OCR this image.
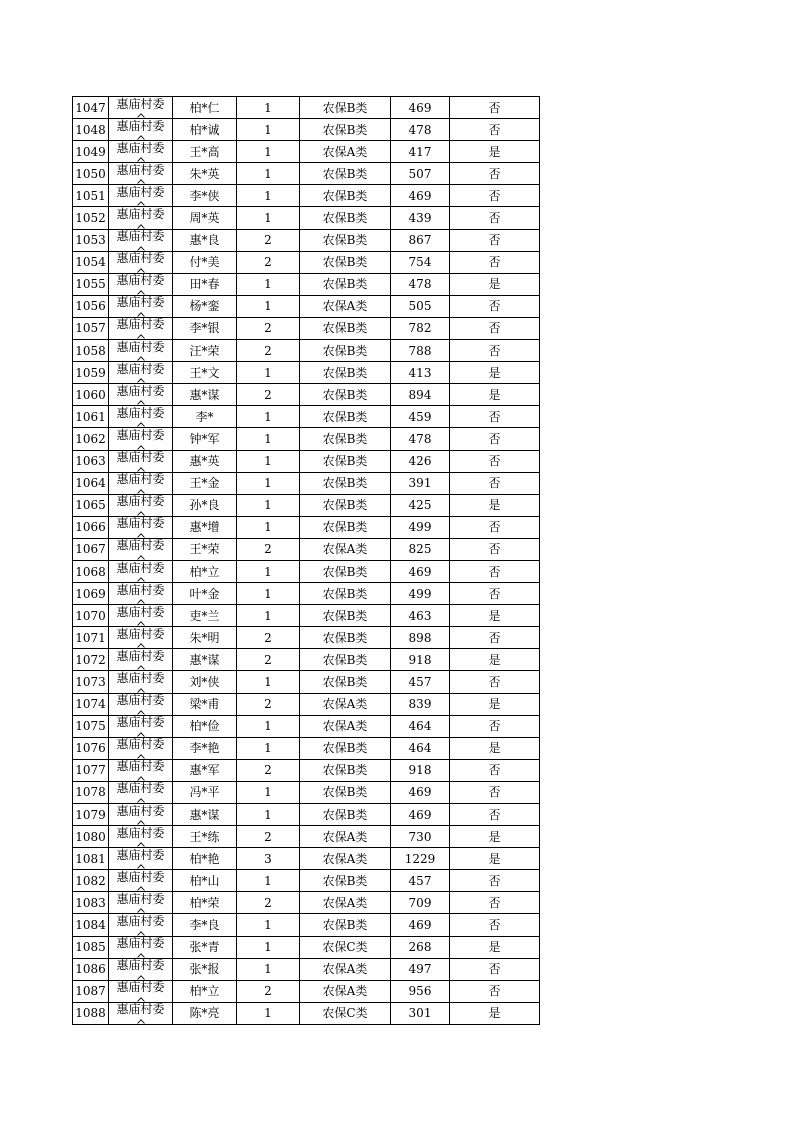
1047	惠庙村委	柏*仁	1	农保B类	469	否
1048	惠庙村委	柏*诚	1	农保B类	478	否
1049	惠庙村委	王*高	1	农保A类	417	是
1050	惠庙村委	朱*英	1	农保B类	507	否
1051	惠庙村委	李*侠	1	农保B类	469	否
1052	惠庙村委	周*英	1	农保B类	439	否
1053	惠庙村委	惠*良	2	农保B类	867	否
1054	惠庙村委	付*美	2	农保B类	754	否
1055	惠庙村委	田*春	1	农保B类	478	是
1056	惠庙村委	杨*銮	1	农保A类	505	否
1057	惠庙村委	李*银	2	农保B类	782	否
1058	惠庙村委	汪*荣	2	农保B类	788	否
1059	惠庙村委	王*文	1	农保B类	413	是
1060	惠庙村委	惠*谋	2	农保B类	894	是
1061	惠庙村委	李*	1	农保B类	459	否
1062	惠庙村委	钟*军	1	农保B类	478	否
1063	惠庙村委	惠*英	1	农保B类	426	否
1064	惠庙村委	王*金	1	农保B类	391	否
1065	惠庙村委	孙*良	1	农保B类	425	是
1066	惠庙村委	惠*增	1	农保B类	499	否
1067	惠庙村委	王*荣	2	农保A类	825	否
1068	惠庙村委	柏*立	1	农保B类	469	否
1069	惠庙村委	叶*金	1	农保B类	499	否
1070	惠庙村委	吏*兰	1	农保B类	463	是
1071	惠庙村委	朱*明	2	农保B类	898	否
1072	惠庙村委	惠*谋	2	农保B类	918	是
1073	惠庙村委	刘*侠	1	农保B类	457	否
1074	惠庙村委	梁*甫	2	农保A类	839	是
1075	惠庙村委	柏*俭	1	农保A类	464	否
1076	惠庙村委	李*艳	1	农保B类	464	是
1077	惠庙村委	惠*军	2	农保B类	918	否
1078	惠庙村委	冯*平	1	农保B类	469	否
1079	惠庙村委	惠*谋	1	农保B类	469	否
1080	惠庙村委	王*练	2	农保A类	730	是
1081	惠庙村委	柏*艳	3	农保A类	1229	是
1082	惠庙村委	柏*山	1	农保B类	457	否
1083	惠庙村委	柏*荣	2	农保A类	709	否
1084	惠庙村委	李*良	1	农保B类	469	否
1085	惠庙村委	张*青	1	农保C类	268	是
1086	惠庙村委	张*报	1	农保A类	497	否
1087	惠庙村委	柏*立	2	农保A类	956	否
1088	惠庙村委	陈*亮	1	农保C类	301	是
